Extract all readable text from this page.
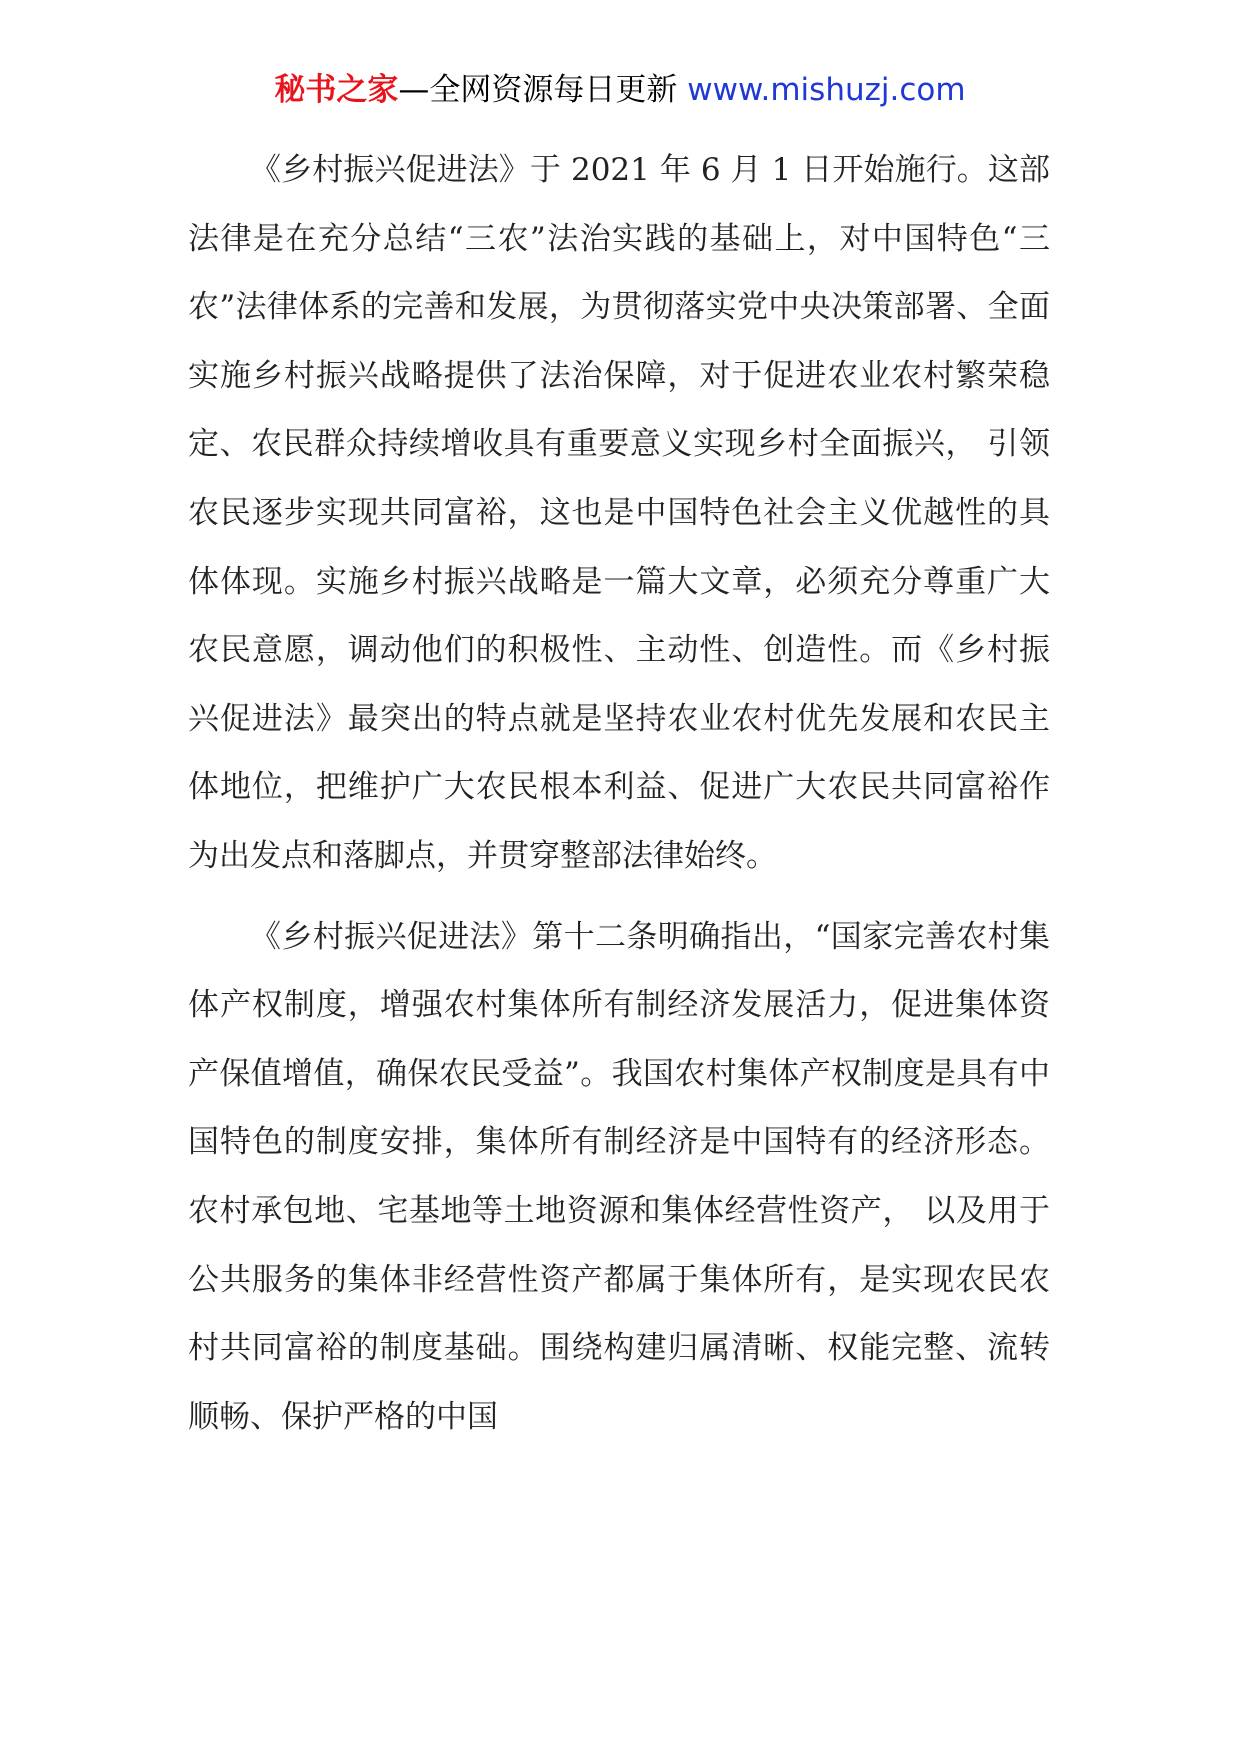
秘书之家—全网资源每日更新 www.mishuzj.com

《乡村振兴促进法》于 2021 年 6 月 1 日开始施行。这部法律是在充分总结“三农”法治实践的基础上，对中国特色“三农”法律体系的完善和发展，为贯彻落实党中央决策部署、全面实施乡村振兴战略提供了法治保障，对于促进农业农村繁荣稳定、农民群众持续增收具有重要意义实现乡村全面振兴， 引领农民逐步实现共同富裕，这也是中国特色社会主义优越性的具体体现。实施乡村振兴战略是一篇大文章，必须充分尊重广大农民意愿，调动他们的积极性、主动性、创造性。而《乡村振兴促进法》最突出的特点就是坚持农业农村优先发展和农民主体地位，把维护广大农民根本利益、促进广大农民共同富裕作为出发点和落脚点，并贯穿整部法律始终。

《乡村振兴促进法》第十二条明确指出，“国家完善农村集体产权制度，增强农村集体所有制经济发展活力，促进集体资产保值增值，确保农民受益”。我国农村集体产权制度是具有中国特色的制度安排，集体所有制经济是中国特有的经济形态。农村承包地、宅基地等土地资源和集体经营性资产， 以及用于公共服务的集体非经营性资产都属于集体所有，是实现农民农村共同富裕的制度基础。围绕构建归属清晰、权能完整、流转顺畅、保护严格的中国
